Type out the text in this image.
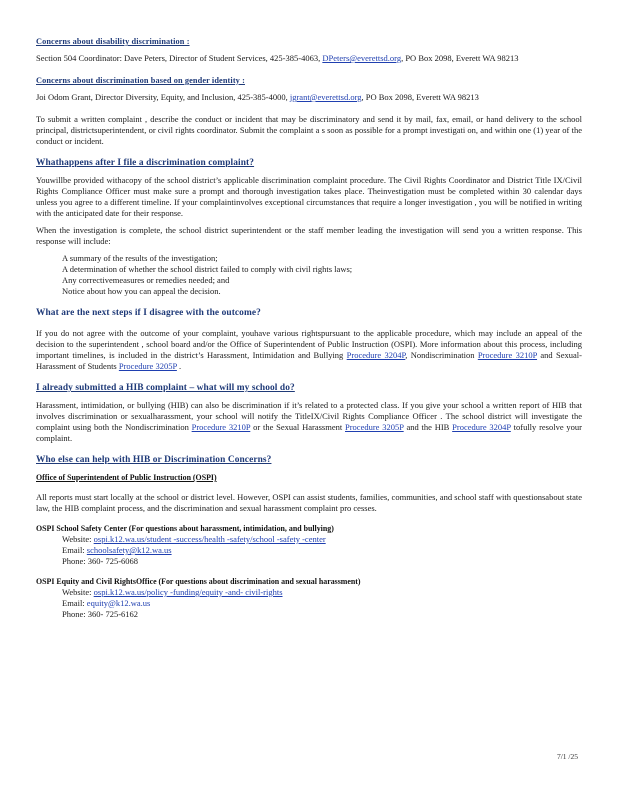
Concerns about disability discrimination :

Section 504 Coordinator: Dave Peters, Director of Student Services, 425-385-4063, DPeters@everettsd.org, PO Box 2098, Everett WA 98213

Concerns about discrimination based on gender identity :

Joi Odom Grant, Director Diversity, Equity, and Inclusion, 425-385-4000, jgrant@everettsd.org, PO Box 2098, Everett WA 98213

To submit a written complaint , describe the conduct or incident that may be discriminatory and send it by mail, fax, email, or hand delivery to the school principal, districtsuperintendent, or civil rights coordinator. Submit the complaint a s soon as possible for a prompt investigati on, and within one (1) year of the conduct or incident.

Whathappens after I file a discrimination complaint?

Youwillbe provided withacopy of the school district’s applicable discrimination complaint procedure. The Civil Rights Coordinator and District Title IX/Civil Rights Compliance Officer must make sure a prompt and thorough investigation takes place. Theinvestigation must be completed within 30 calendar days unless you agree to a different timeline. If your complaintinvolves exceptional circumstances that require a longer investigation , you will be notified in writing with the anticipated date for their response.

When the investigation is complete, the school district superintendent or the staff member leading the investigation will send you a written response. This response will include:

A summary of the results of the investigation;
A determination of whether the school district failed to comply with civil rights laws;
Any correctivemeasures or remedies needed; and
Notice about how you can appeal the decision.

What are the next steps if I disagree with the outcome?

If you do not agree with the outcome of your complaint, youhave various rightspursuant to the applicable procedure, which may include an appeal of the decision to the superintendent , school board and/or the Office of Superintendent of Public Instruction (OSPI). More information about this process, including important timelines, is included in the district’s Harassment, Intimidation and Bullying Procedure 3204P, Nondiscrimination Procedure 3210P and Sexual-Harassment of Students Procedure 3205P .

I already submitted a HIB complaint – what will my school do?

Harassment, intimidation, or bullying (HIB) can also be discrimination if it’s related to a protected class. If you give your school a written report of HIB that involves discrimination or sexualharassment, your school will notify the TitleIX/Civil Rights Compliance Officer . The school district will investigate the complaint using both the Nondiscrimination Procedure 3210P or the Sexual Harassment Procedure 3205P and the HIB Procedure 3204P tofully resolve your complaint.

Who else can help with HIB or Discrimination Concerns?

Office of Superintendent of Public Instruction (OSPI)

All reports must start locally at the school or district level. However, OSPI can assist students, families, communities, and school staff with questionsabout state law, the HIB complaint process, and the discrimination and sexual harassment complaint pro cesses.

OSPI School Safety Center (For questions about harassment, intimidation, and bullying)

Website: ospi.k12.wa.us/student -success/health -safety/school -safety -center
Email: schoolsafety@k12.wa.us
Phone: 360- 725-6068

OSPI Equity and Civil RightsOffice (For questions about discrimination and sexual harassment)

Website: ospi.k12.wa.us/policy -funding/equity -and- civil-rights
Email: equity@k12.wa.us
Phone: 360- 725-6162
7/1 /25
